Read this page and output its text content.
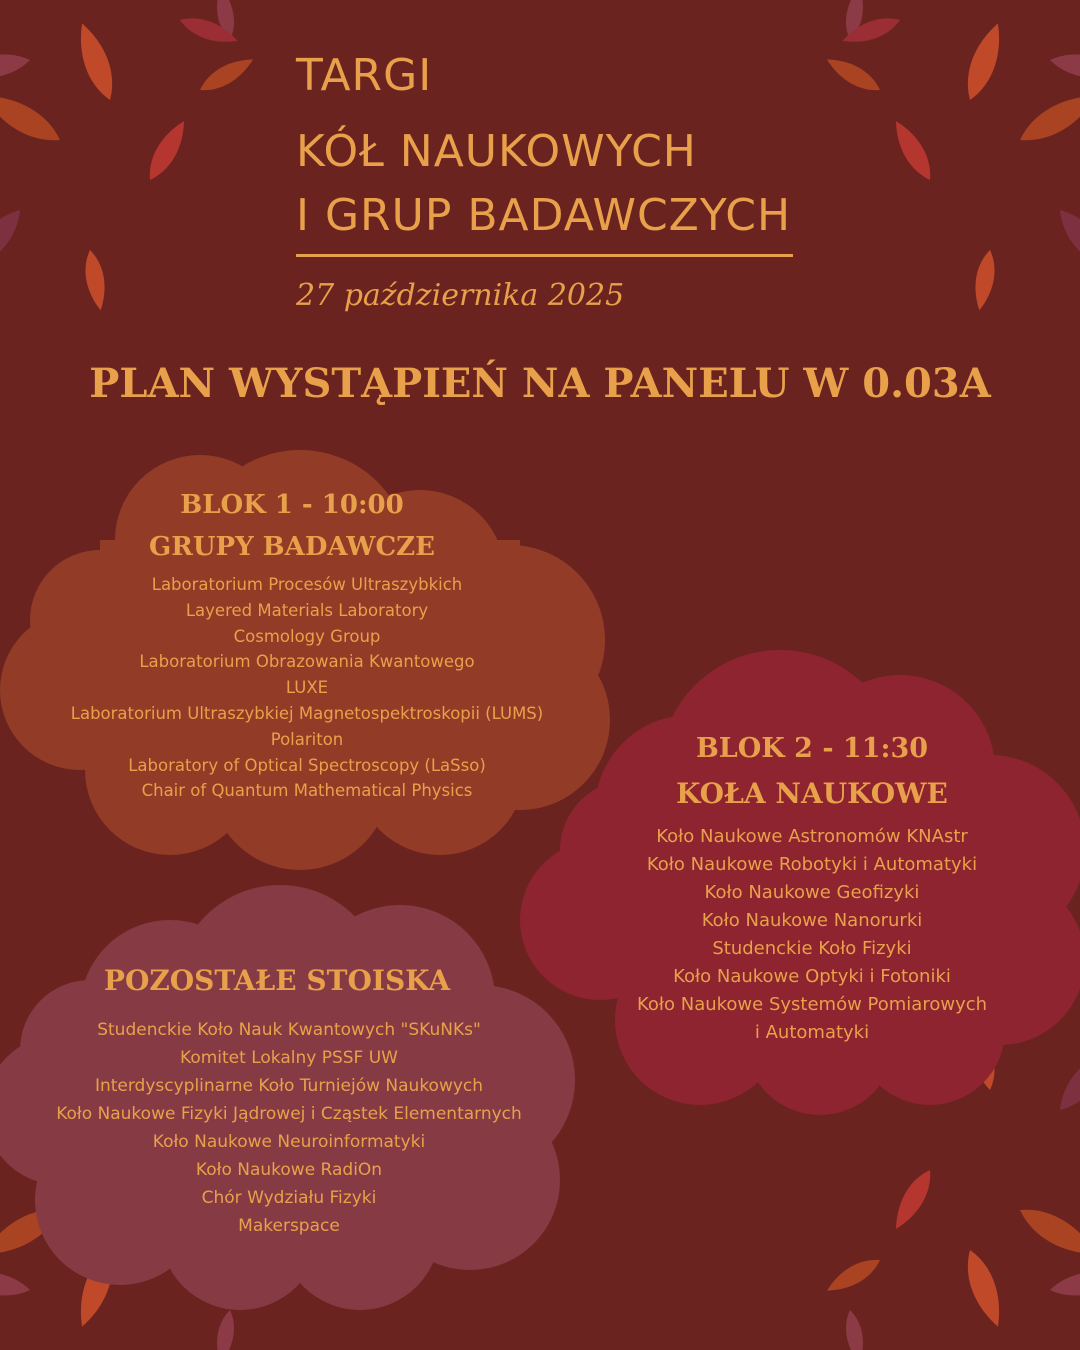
TARGI
KÓŁ NAUKOWYCH
I GRUP BADAWCZYCH
27 października 2025
PLAN WYSTĄPIEŃ NA PANELU W 0.03A
BLOK 1 - 10:00
GRUPY BADAWCZE
Laboratorium Procesów Ultraszybkich
Layered Materials Laboratory
Cosmology Group
Laboratorium Obrazowania Kwantowego
LUXE
Laboratorium Ultraszybkiej Magnetospektroskopii (LUMS)
Polariton
Laboratory of Optical Spectroscopy (LaSso)
Chair of Quantum Mathematical Physics
BLOK 2 - 11:30
KOŁA NAUKOWE
Koło Naukowe Astronomów KNAstr
Koło Naukowe Robotyki i Automatyki
Koło Naukowe Geofizyki
Koło Naukowe Nanorurki
Studenckie Koło Fizyki
Koło Naukowe Optyki i Fotoniki
Koło Naukowe Systemów Pomiarowych
i Automatyki
POZOSTAŁE STOISKA
Studenckie Koło Nauk Kwantowych "SKuNKs"
Komitet Lokalny PSSF UW
Interdyscyplinarne Koło Turniejów Naukowych
Koło Naukowe Fizyki Jądrowej i Cząstek Elementarnych
Koło Naukowe Neuroinformatyki
Koło Naukowe RadiOn
Chór Wydziału Fizyki
Makerspace
